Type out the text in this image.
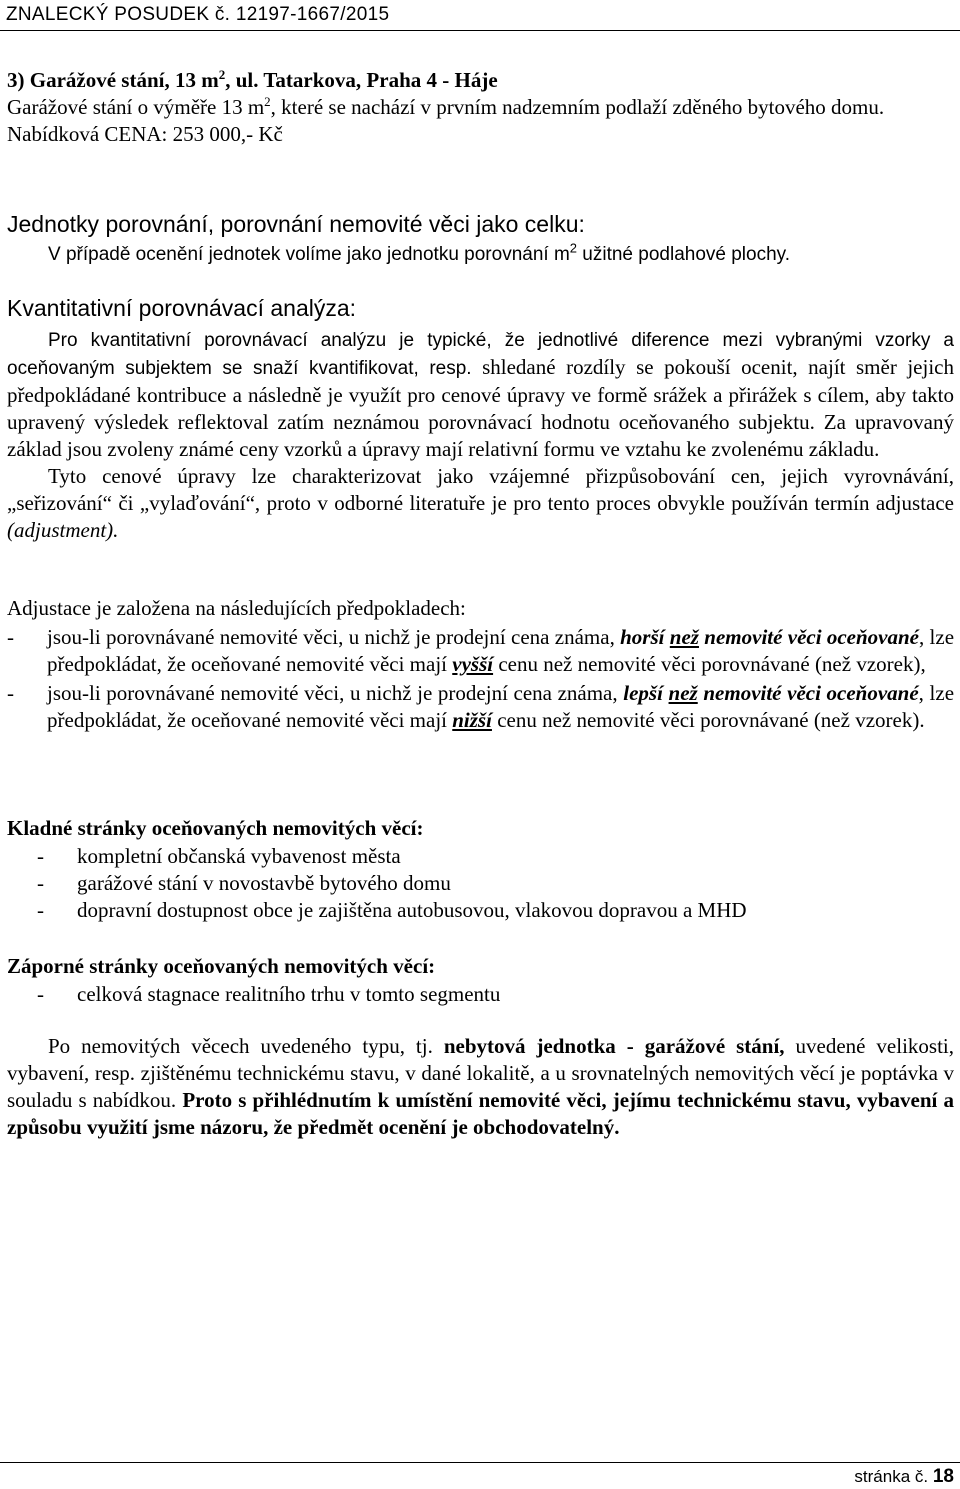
ZNALECKÝ POSUDEK č. 12197-1667/2015
3) Garážové stání, 13 $m^2$, ul. Tatarkova, Praha 4 - Háje
Garážové stání o výměře 13 $m^2$, které se nachází v prvním nadzemním podlaží zděného bytového domu.
Nabídková CENA: 253 000,- Kč
Jednotky porovnání, porovnání nemovité věci jako celku:
V případě ocenění jednotek volíme jako jednotku porovnání $m^2$ užitné podlahové plochy.
Kvantitativní porovnávací analýza:
Pro kvantitativní porovnávací analýzu je typické, že jednotlivé diference mezi vybranými vzorky a oceňovaným subjektem se snaží kvantifikovat, resp. shledané rozdíly se pokouší ocenit, najít směr jejich předpokládané kontribuce a následně je využít pro cenové úpravy ve formě srážek a přirážek s cílem, aby takto upravený výsledek reflektoval zatím neznámou porovnávací hodnotu oceňovaného subjektu. Za upravovaný základ jsou zvoleny známé ceny vzorků a úpravy mají relativní formu ve vztahu ke zvolenému základu.
Tyto cenové úpravy lze charakterizovat jako vzájemné přizpůsobování cen, jejich vyrovnávání, „seřizování“ či „vylaďování“, proto v odborné literatuře je pro tento proces obvykle používán termín adjustace (adjustment).
Adjustace je založena na následujících předpokladech:
-	jsou-li porovnávané nemovité věci, u nichž je prodejní cena známa, horší než nemovité věci oceňované, lze předpokládat, že oceňované nemovité věci mají vyšší cenu než nemovité věci porovnávané (než vzorek),
-	jsou-li porovnávané nemovité věci, u nichž je prodejní cena známa, lepší než nemovité věci oceňované, lze předpokládat, že oceňované nemovité věci mají nižší cenu než nemovité věci porovnávané (než vzorek).
Kladné stránky oceňovaných nemovitých věcí:
-	kompletní občanská vybavenost města
-	garážové stání v novostavbě bytového domu
-	dopravní dostupnost obce je zajištěna autobusovou, vlakovou dopravou a MHD
Záporné stránky oceňovaných nemovitých věcí:
-	celková stagnace realitního trhu v tomto segmentu
Po nemovitých věcech uvedeného typu, tj. nebytová jednotka - garážové stání, uvedené velikosti, vybavení, resp. zjištěnému technickému stavu, v dané lokalitě, a u srovnatelných nemovitých věcí je poptávka v souladu s nabídkou. Proto s přihlédnutím k umístění nemovité věci, jejímu technickému stavu, vybavení a způsobu využití jsme názoru, že předmět ocenění je obchodovatelný.
stránka č. 18
